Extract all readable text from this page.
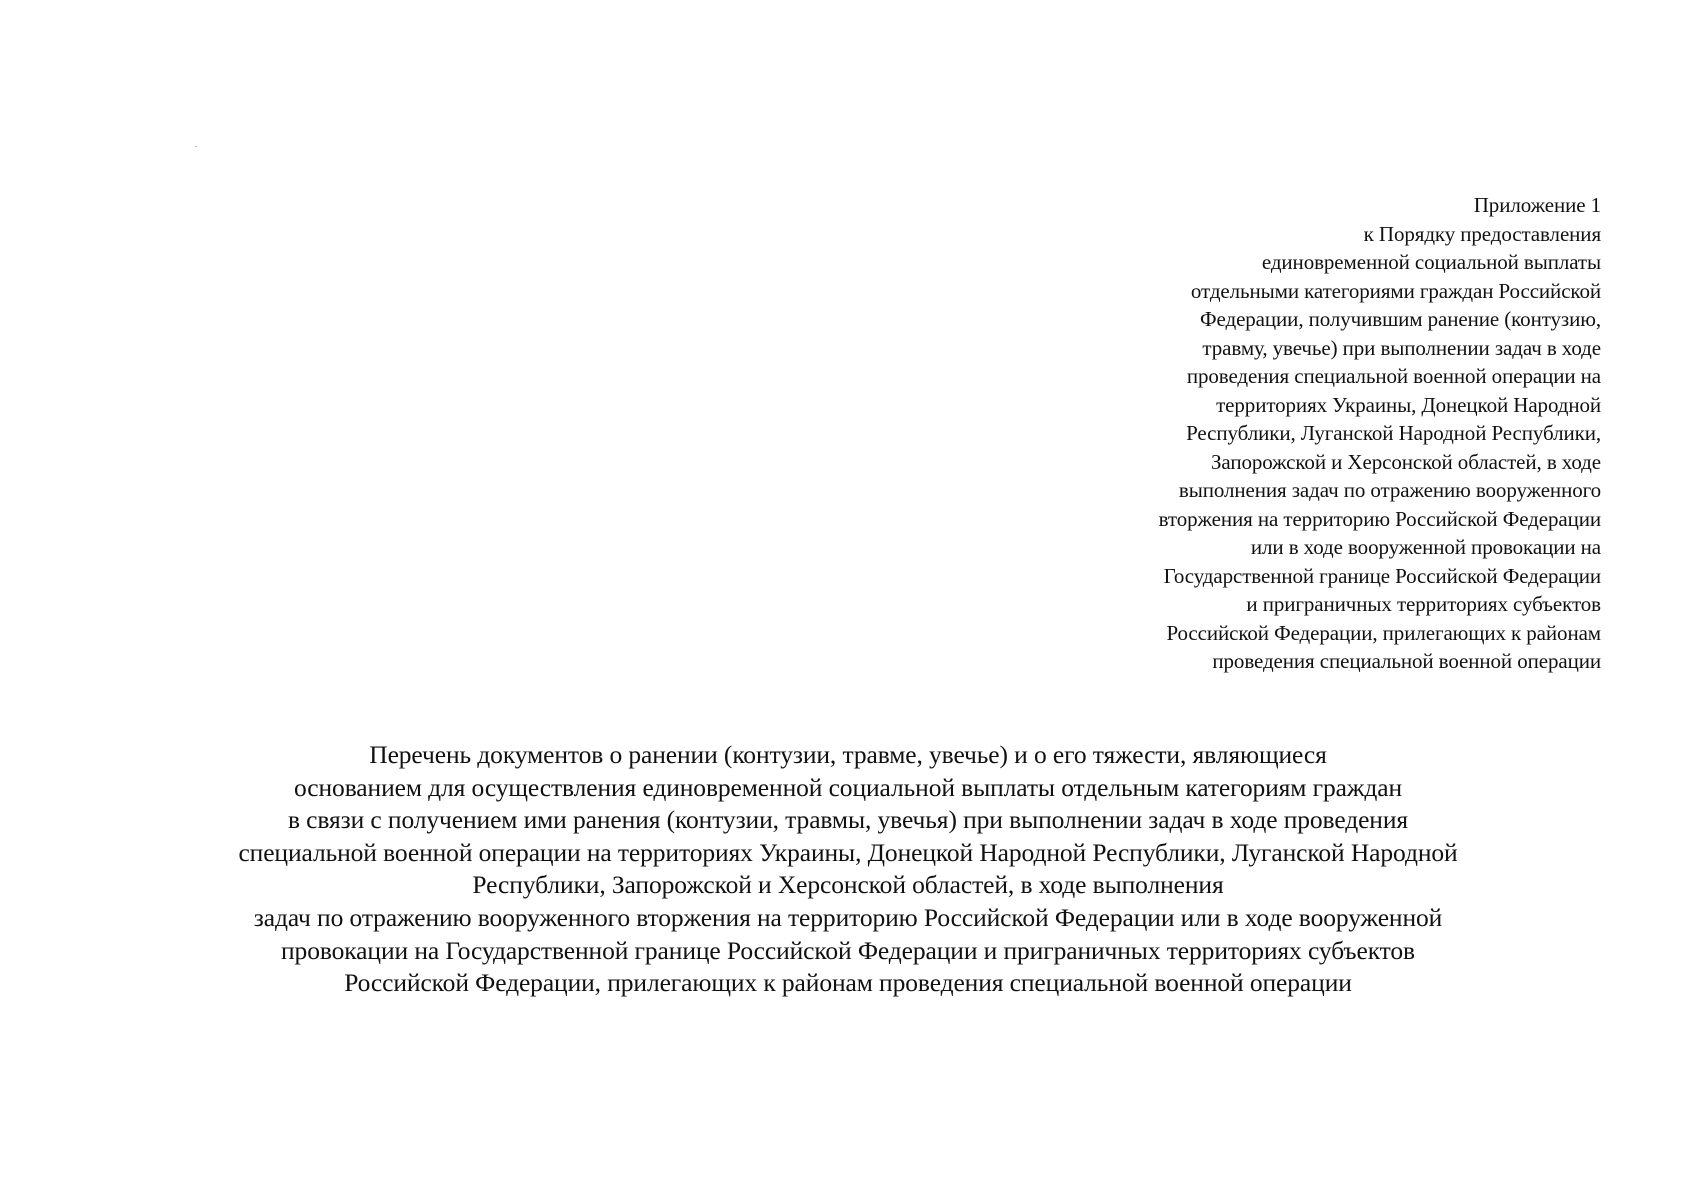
Приложение 1
к Порядку предоставления
единовременной социальной выплаты
отдельными категориями граждан Российской
Федерации, получившим ранение (контузию,
травму, увечье) при выполнении задач в ходе
проведения специальной военной операции на
территориях Украины, Донецкой Народной
Республики, Луганской Народной Республики,
Запорожской и Херсонской областей, в ходе
выполнения задач по отражению вооруженного
вторжения на территорию Российской Федерации
или в ходе вооруженной провокации на
Государственной границе Российской Федерации
и приграничных территориях субъектов
Российской Федерации, прилегающих к районам
проведения специальной военной операции
Перечень документов о ранении (контузии, травме, увечье) и о его тяжести, являющиеся
основанием для осуществления единовременной социальной выплаты отдельным категориям граждан
в связи с получением ими ранения (контузии, травмы, увечья) при выполнении задач в ходе проведения
специальной военной операции на территориях Украины, Донецкой Народной Республики, Луганской Народной
Республики, Запорожской и Херсонской областей, в ходе выполнения
задач по отражению вооруженного вторжения на территорию Российской Федерации или в ходе вооруженной
провокации на Государственной границе Российской Федерации и приграничных территориях субъектов
Российской Федерации, прилегающих к районам проведения специальной военной операции
